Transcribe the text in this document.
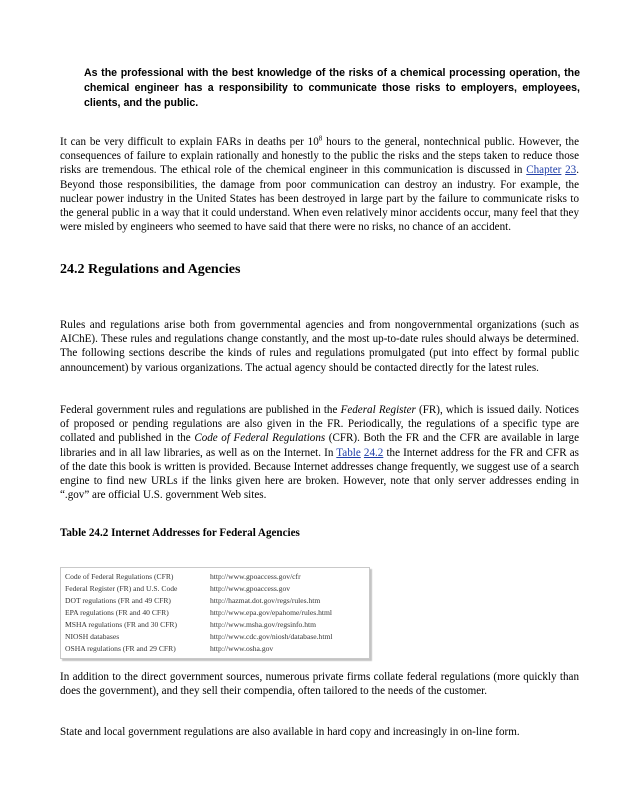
As the professional with the best knowledge of the risks of a chemical processing operation, the chemical engineer has a responsibility to communicate those risks to employers, employees, clients, and the public.
It can be very difficult to explain FARs in deaths per $10^8$ hours to the general, nontechnical public. However, the consequences of failure to explain rationally and honestly to the public the risks and the steps taken to reduce those risks are tremendous. The ethical role of the chemical engineer in this communication is discussed in Chapter 23. Beyond those responsibilities, the damage from poor communication can destroy an industry. For example, the nuclear power industry in the United States has been destroyed in large part by the failure to communicate risks to the general public in a way that it could understand. When even relatively minor accidents occur, many feel that they were misled by engineers who seemed to have said that there were no risks, no chance of an accident.
24.2 Regulations and Agencies
Rules and regulations arise both from governmental agencies and from nongovernmental organizations (such as AIChE). These rules and regulations change constantly, and the most up-to-date rules should always be determined. The following sections describe the kinds of rules and regulations promulgated (put into effect by formal public announcement) by various organizations. The actual agency should be contacted directly for the latest rules.
Federal government rules and regulations are published in the Federal Register (FR), which is issued daily. Notices of proposed or pending regulations are also given in the FR. Periodically, the regulations of a specific type are collated and published in the Code of Federal Regulations (CFR). Both the FR and the CFR are available in large libraries and in all law libraries, as well as on the Internet. In Table 24.2 the Internet address for the FR and CFR as of the date this book is written is provided. Because Internet addresses change frequently, we suggest use of a search engine to find new URLs if the links given here are broken. However, note that only server addresses ending in “.gov” are official U.S. government Web sites.
Table 24.2 Internet Addresses for Federal Agencies
Code of Federal Regulations (CFR)	http://www.gpoaccess.gov/cfr
Federal Register (FR) and U.S. Code	http://www.gpoaccess.gov
DOT regulations (FR and 49 CFR)	http://hazmat.dot.gov/regs/rules.htm
EPA regulations (FR and 40 CFR)	http://www.epa.gov/epahome/rules.html
MSHA regulations (FR and 30 CFR)	http://www.msha.gov/regsinfo.htm
NIOSH databases	http://www.cdc.gov/niosh/database.html
OSHA regulations (FR and 29 CFR)	http://www.osha.gov
In addition to the direct government sources, numerous private firms collate federal regulations (more quickly than does the government), and they sell their compendia, often tailored to the needs of the customer.
State and local government regulations are also available in hard copy and increasingly in on-line form.
